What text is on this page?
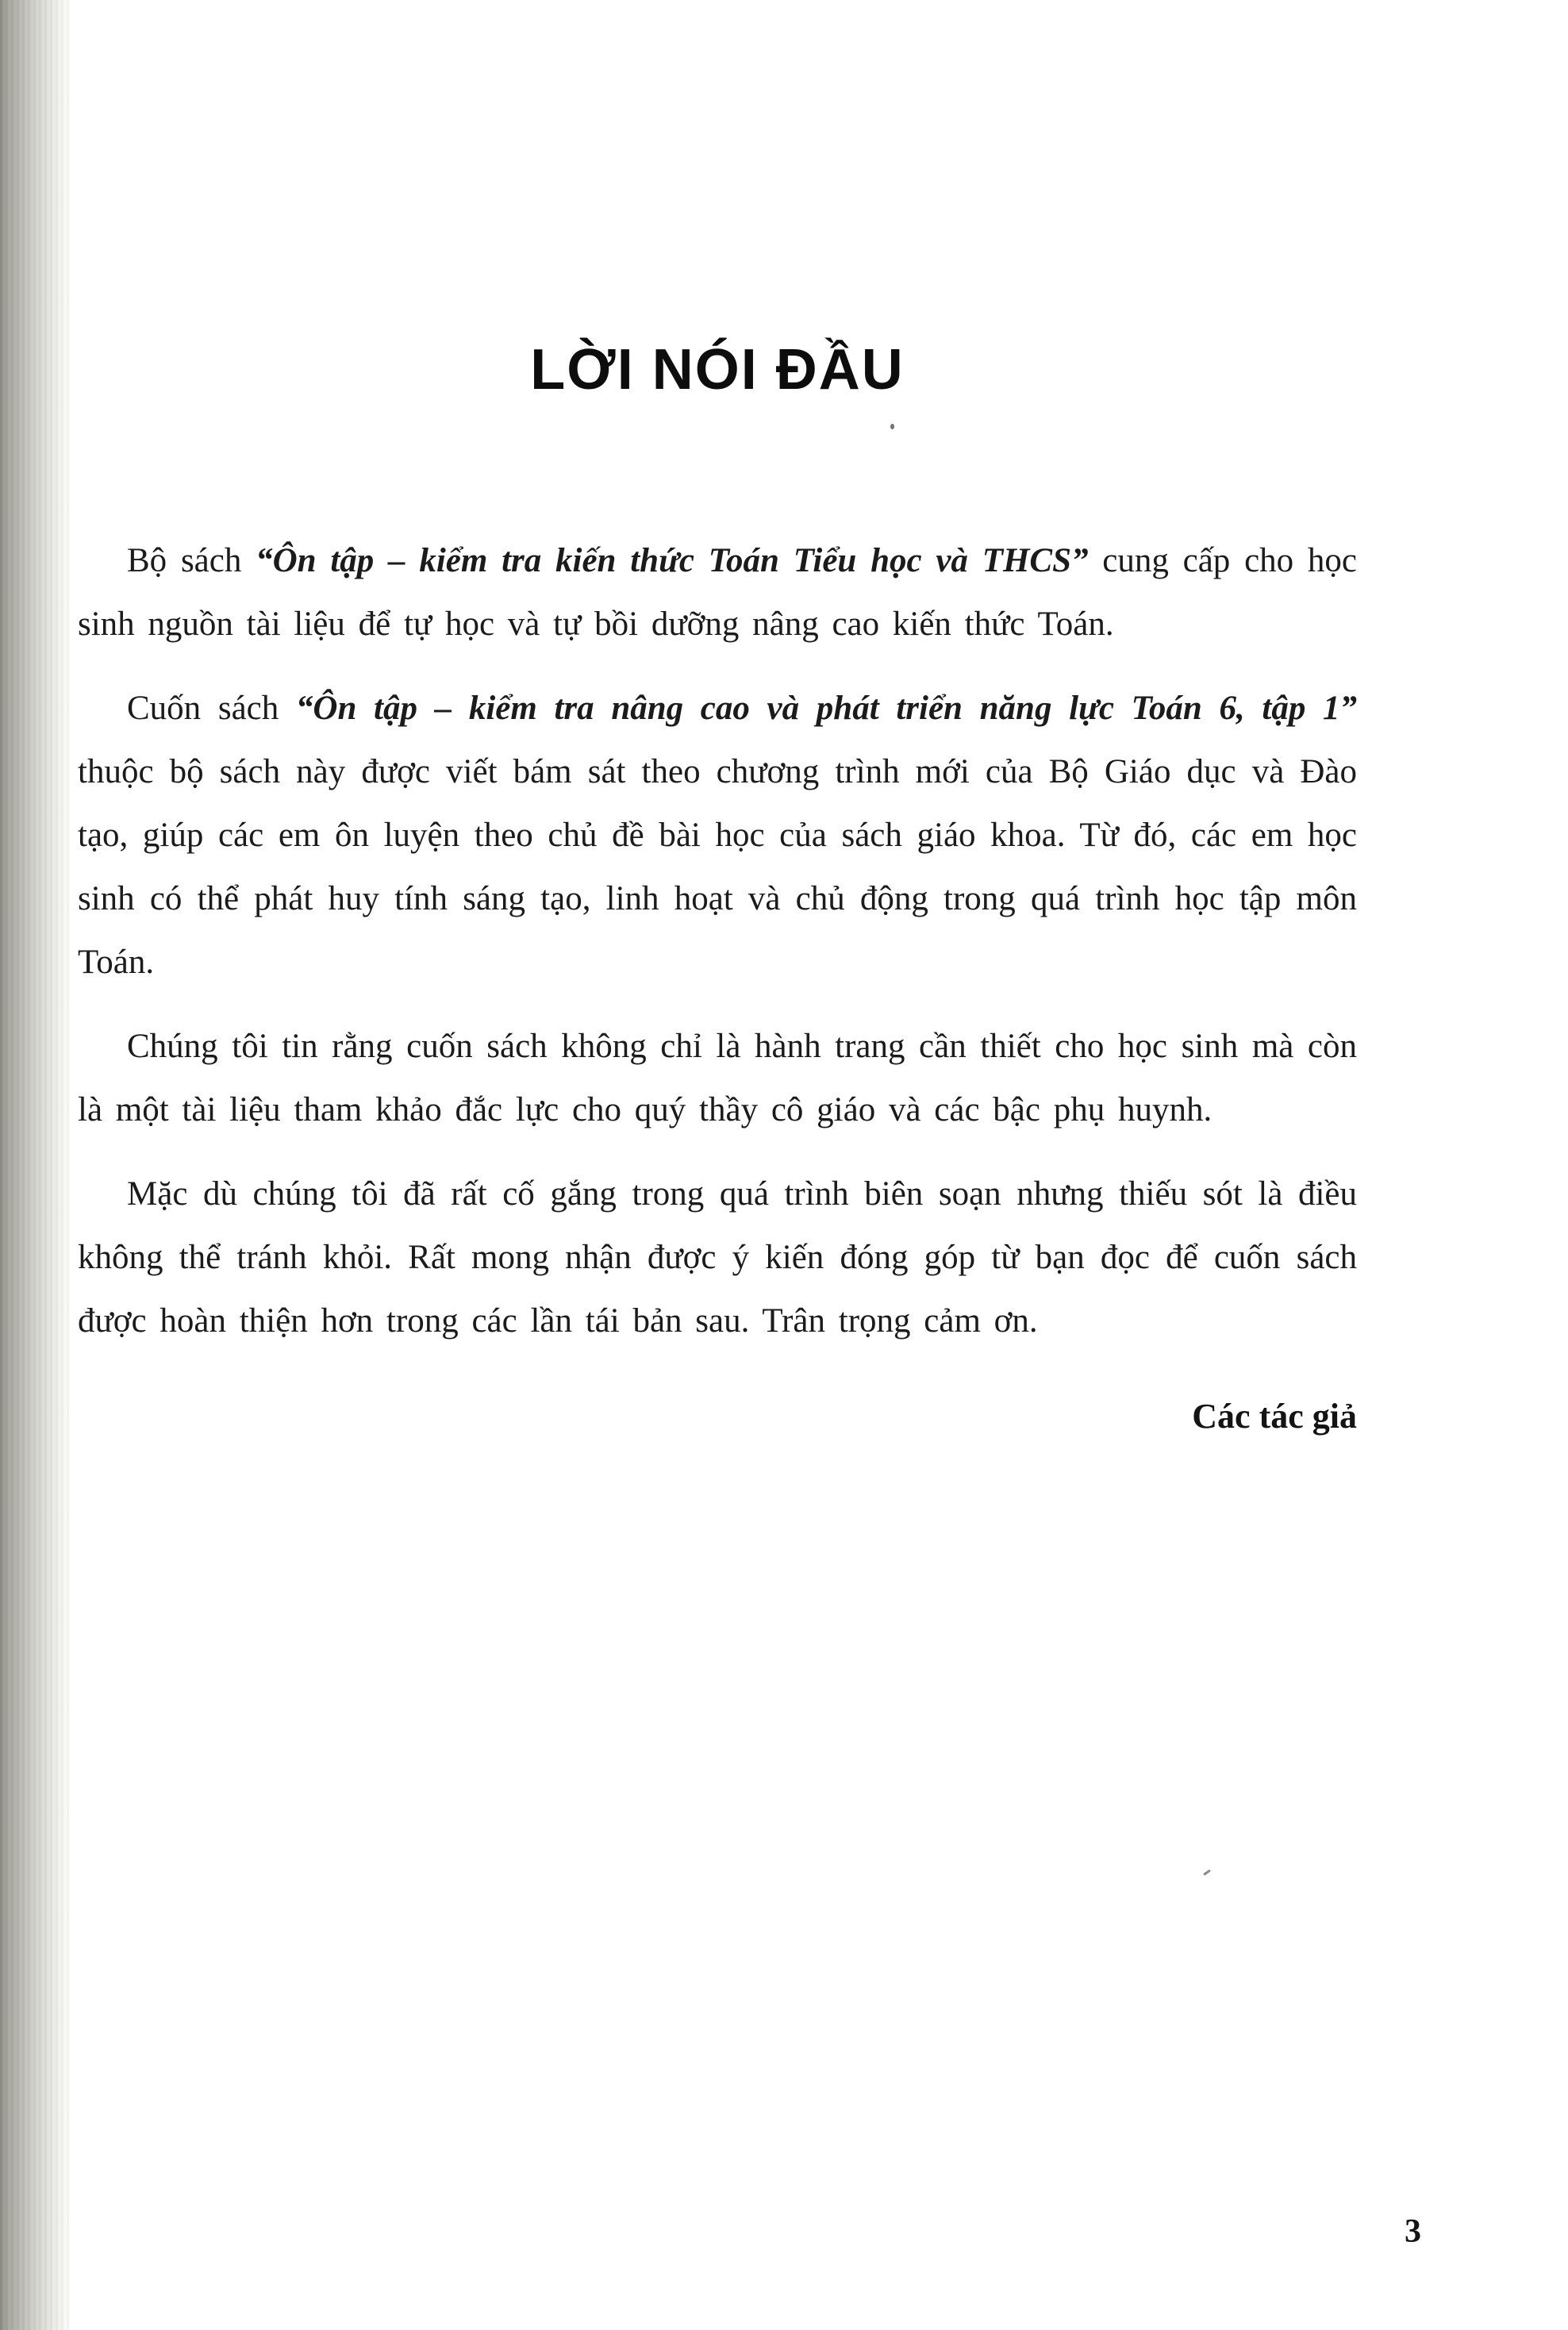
LỜI NÓI ĐẦU

Bộ sách “Ôn tập – kiểm tra kiến thức Toán Tiểu học và THCS” cung cấp cho học sinh nguồn tài liệu để tự học và tự bồi dưỡng nâng cao kiến thức Toán.

Cuốn sách “Ôn tập – kiểm tra nâng cao và phát triển năng lực Toán 6, tập 1” thuộc bộ sách này được viết bám sát theo chương trình mới của Bộ Giáo dục và Đào tạo, giúp các em ôn luyện theo chủ đề bài học của sách giáo khoa. Từ đó, các em học sinh có thể phát huy tính sáng tạo, linh hoạt và chủ động trong quá trình học tập môn Toán.

Chúng tôi tin rằng cuốn sách không chỉ là hành trang cần thiết cho học sinh mà còn là một tài liệu tham khảo đắc lực cho quý thầy cô giáo và các bậc phụ huynh.

Mặc dù chúng tôi đã rất cố gắng trong quá trình biên soạn nhưng thiếu sót là điều không thể tránh khỏi. Rất mong nhận được ý kiến đóng góp từ bạn đọc để cuốn sách được hoàn thiện hơn trong các lần tái bản sau. Trân trọng cảm ơn.

Các tác giả

3
